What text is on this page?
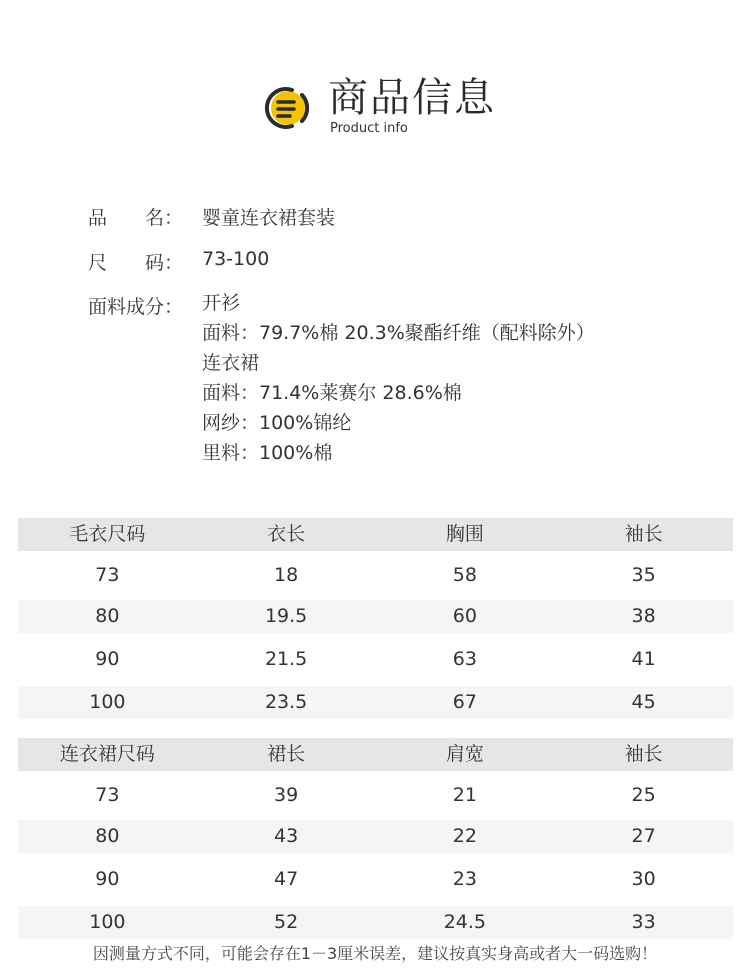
商品信息
Product info
品　　名： 婴童连衣裙套装
尺　　码： 73-100
面料成分： 开衫
面料：79.7%棉 20.3%聚酯纤维（配料除外）
连衣裙
面料：71.4%莱赛尔 28.6%棉
网纱：100%锦纶
里料：100%棉
毛衣尺码	衣长	胸围	袖长
73	18	58	35
80	19.5	60	38
90	21.5	63	41
100	23.5	67	45
连衣裙尺码	裙长	肩宽	袖长
73	39	21	25
80	43	22	27
90	47	23	30
100	52	24.5	33
因测量方式不同，可能会存在1－3厘米误差，建议按真实身高或者大一码选购！
